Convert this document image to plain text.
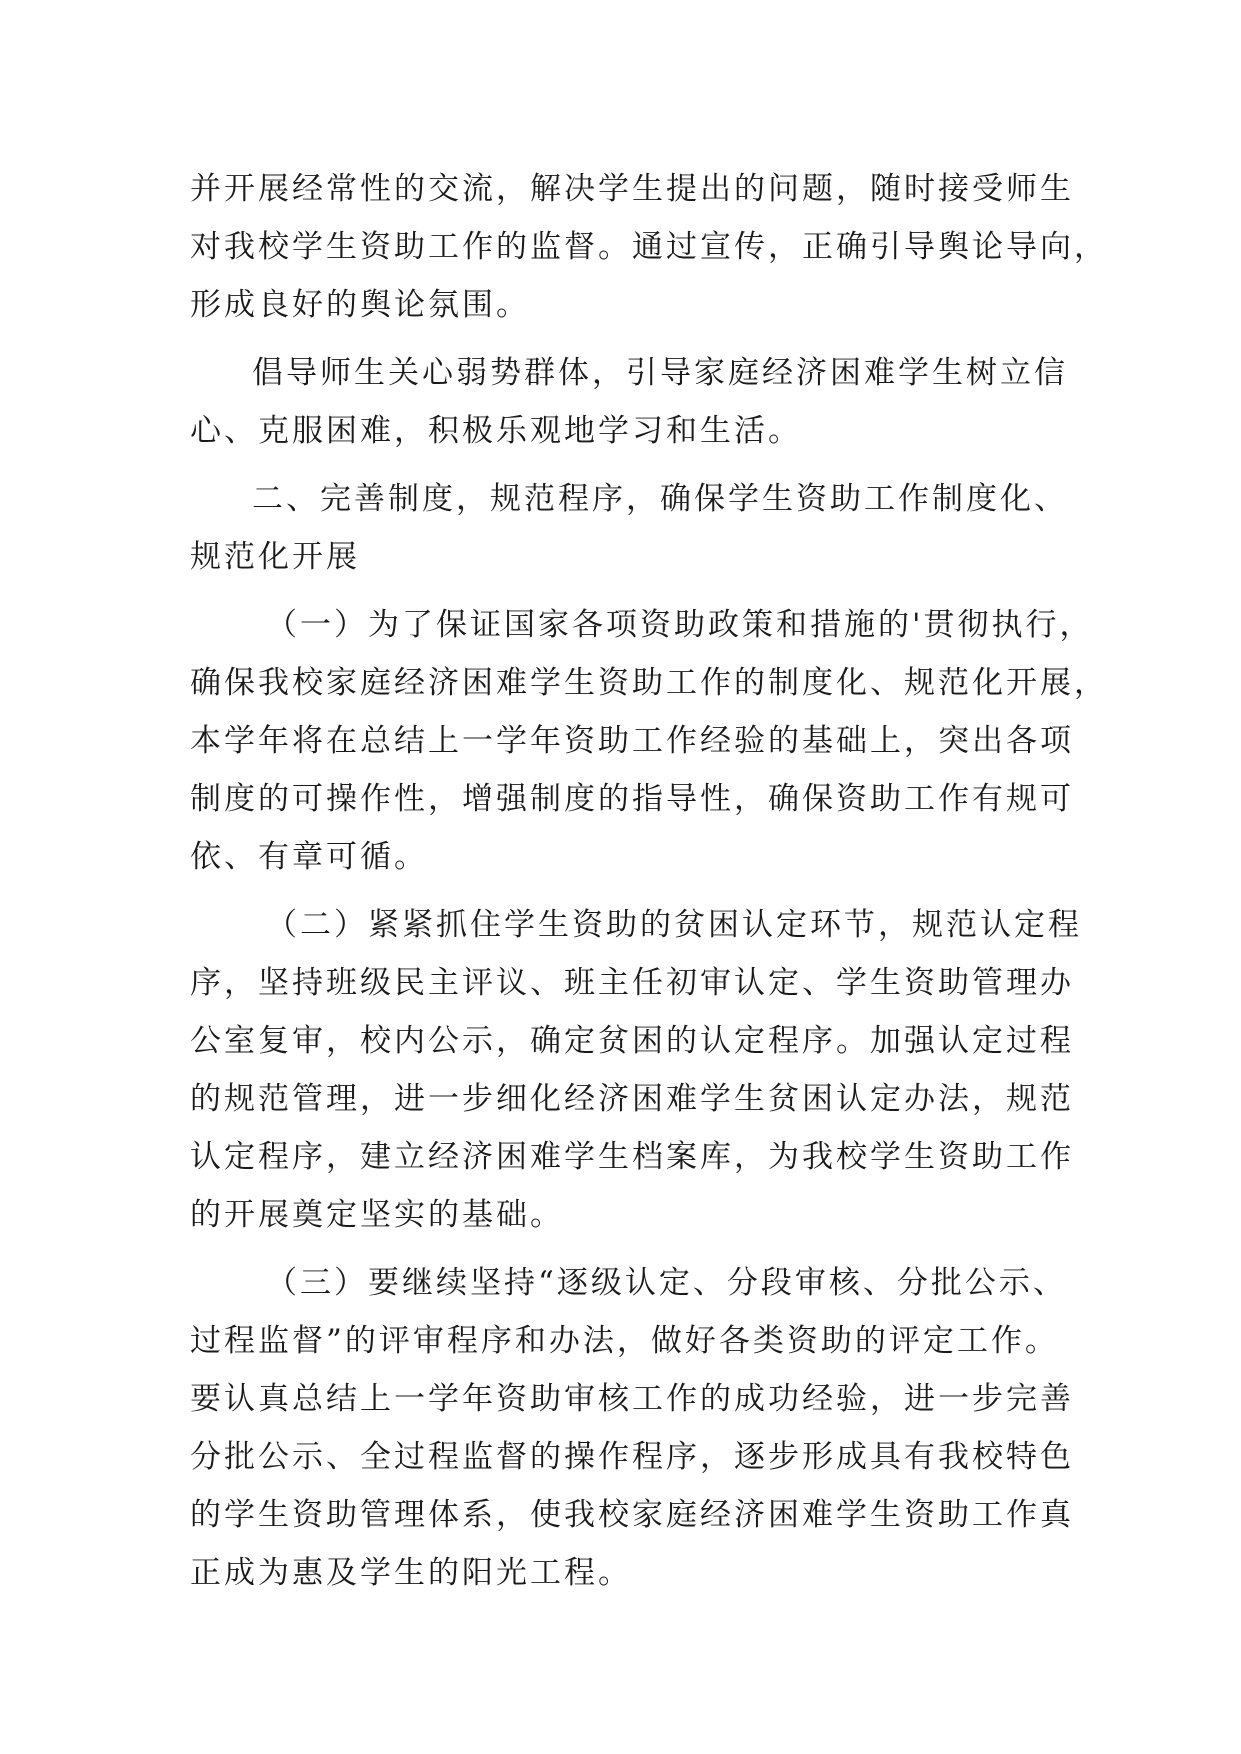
并开展经常性的交流，解决学生提出的问题，随时接受师生
对我校学生资助工作的监督。通过宣传，正确引导舆论导向，
形成良好的舆论氛围。
倡导师生关心弱势群体，引导家庭经济困难学生树立信
心、克服困难，积极乐观地学习和生活。
二、完善制度，规范程序，确保学生资助工作制度化、
规范化开展
（一）为了保证国家各项资助政策和措施的'贯彻执行，
确保我校家庭经济困难学生资助工作的制度化、规范化开展，
本学年将在总结上一学年资助工作经验的基础上，突出各项
制度的可操作性，增强制度的指导性，确保资助工作有规可
依、有章可循。
（二）紧紧抓住学生资助的贫困认定环节，规范认定程
序，坚持班级民主评议、班主任初审认定、学生资助管理办
公室复审，校内公示，确定贫困的认定程序。加强认定过程
的规范管理，进一步细化经济困难学生贫困认定办法，规范
认定程序，建立经济困难学生档案库，为我校学生资助工作
的开展奠定坚实的基础。
（三）要继续坚持“逐级认定、分段审核、分批公示、
过程监督”的评审程序和办法，做好各类资助的评定工作。
要认真总结上一学年资助审核工作的成功经验，进一步完善
分批公示、全过程监督的操作程序，逐步形成具有我校特色
的学生资助管理体系，使我校家庭经济困难学生资助工作真
正成为惠及学生的阳光工程。
